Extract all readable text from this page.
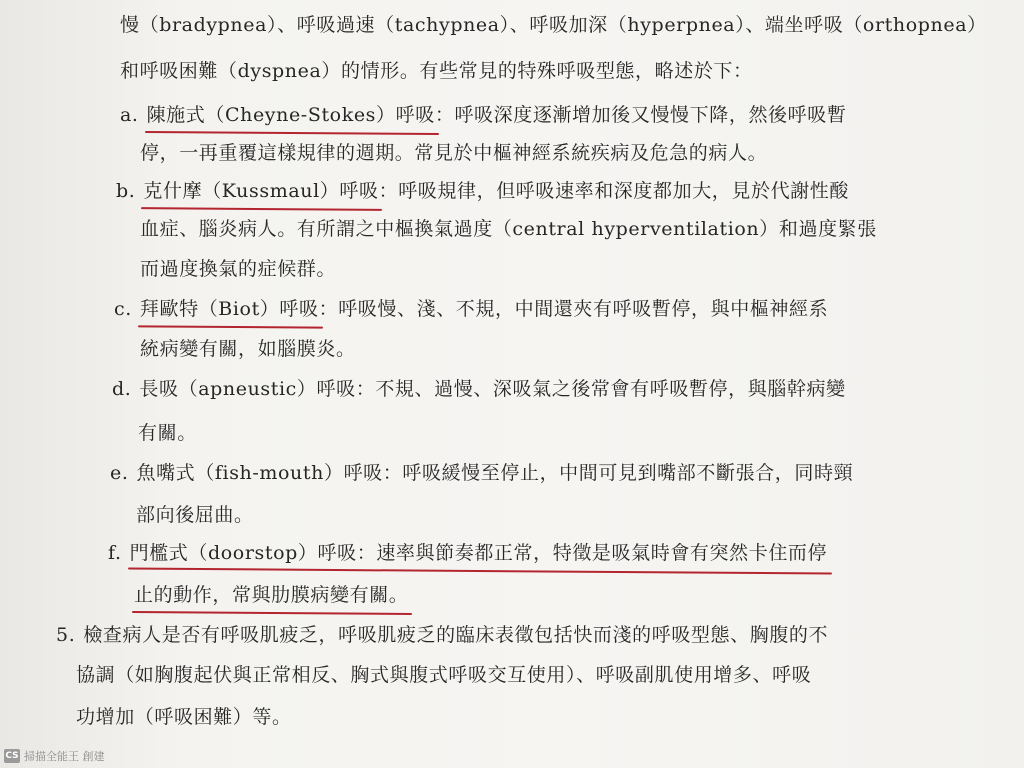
慢（bradypnea）、呼吸過速（tachypnea）、呼吸加深（hyperpnea）、端坐呼吸（orthopnea）
和呼吸困難（dyspnea）的情形。有些常見的特殊呼吸型態，略述於下：
a. 陳施式（Cheyne-Stokes）呼吸：呼吸深度逐漸增加後又慢慢下降，然後呼吸暫
停，一再重覆這樣規律的週期。常見於中樞神經系統疾病及危急的病人。
b. 克什摩（Kussmaul）呼吸：呼吸規律，但呼吸速率和深度都加大，見於代謝性酸
血症、腦炎病人。有所謂之中樞換氣過度（central hyperventilation）和過度緊張
而過度換氣的症候群。
c. 拜歐特（Biot）呼吸：呼吸慢、淺、不規，中間還夾有呼吸暫停，與中樞神經系
統病變有關，如腦膜炎。
d. 長吸（apneustic）呼吸：不規、過慢、深吸氣之後常會有呼吸暫停，與腦幹病變
有關。
e. 魚嘴式（fish-mouth）呼吸：呼吸緩慢至停止，中間可見到嘴部不斷張合，同時頸
部向後屈曲。
f. 門檻式（doorstop）呼吸：速率與節奏都正常，特徵是吸氣時會有突然卡住而停
止的動作，常與肋膜病變有關。
5. 檢查病人是否有呼吸肌疲乏，呼吸肌疲乏的臨床表徵包括快而淺的呼吸型態、胸腹的不
協調（如胸腹起伏與正常相反、胸式與腹式呼吸交互使用）、呼吸副肌使用增多、呼吸
功增加（呼吸困難）等。
CS 掃描全能王 創建
